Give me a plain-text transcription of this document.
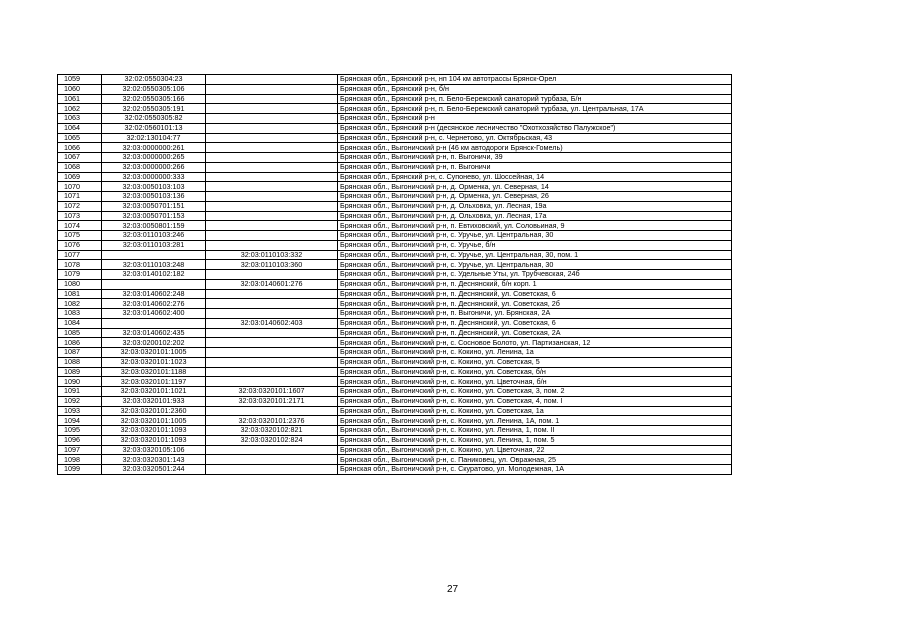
1059	32:02:0550304:23		Брянская обл., Брянский р-н, нп 104 км автотрассы Брянск-Орел
1060	32:02:0550305:106		Брянская обл., Брянский р-н, б/н
1061	32:02:0550305:166		Брянская обл., Брянский р-н, п. Бело-Бережский санаторий турбаза, Б/н
1062	32:02:0550305:191		Брянская обл., Брянский р-н, п. Бело-Бережский санаторий турбаза, ул. Центральная, 17А
1063	32:02:0550305:82		Брянская обл., Брянский р-н
1064	32:02:0560101:13		Брянская обл., Брянский р-н (десянское лесничество "Охотхозяйство Палужское")
1065	32:02:130104:77		Брянская обл., Брянский р-н, с. Чернетово, ул. Октябрьская, 43
1066	32:03:0000000:261		Брянская обл., Выгоничский р-н (46 км автодороги Брянск-Гомель)
1067	32:03:0000000:265		Брянская обл., Выгоничский р-н, п. Выгоничи, 39
1068	32:03:0000000:266		Брянская обл., Выгоничский р-н, п. Выгоничи
1069	32:03:0000000:333		Брянская обл., Брянский р-н, с. Супонево, ул. Шоссейная, 14
1070	32:03:0050103:103		Брянская обл., Выгоничский р-н, д. Орменка, ул. Северная, 14
1071	32:03:0050103:136		Брянская обл., Выгоничский р-н, д. Орменка, ул. Северная, 26
1072	32:03:0050701:151		Брянская обл., Выгоничский р-н, д. Ольховка, ул. Лесная, 19а
1073	32:03:0050701:153		Брянская обл., Выгоничский р-н, д. Ольховка, ул. Лесная, 17а
1074	32:03:0050801:159		Брянская обл., Выгоничский р-н, п. Евтиховский, ул. Соловьиная, 9
1075	32:03:0110103:246		Брянская обл., Выгоничский р-н, с. Уручье, ул. Центральная, 30
1076	32:03:0110103:281		Брянская обл., Выгоничский р-н, с. Уручье, б/н
1077		32:03:0110103:332	Брянская обл., Выгоничский р-н, с. Уручье, ул. Центральная, 30, пом. 1
1078	32:03:0110103:248	32:03:0110103:360	Брянская обл., Выгоничский р-н, с. Уручье, ул. Центральная, 30
1079	32:03:0140102:182		Брянская обл., Выгоничский р-н, с. Удельные Уты, ул. Трубчевская, 24б
1080		32:03:0140601:276	Брянская обл., Выгоничский р-н, п. Деснянский, б/н корп. 1
1081	32:03:0140602:248		Брянская обл., Выгоничский р-н, п. Деснянский, ул. Советская, 6
1082	32:03:0140602:276		Брянская обл., Выгоничский р-н, п. Деснянский, ул. Советская, 2б
1083	32:03:0140602:400		Брянская обл., Выгоничский р-н, п. Выгоничи, ул. Брянская, 2А
1084		32:03:0140602:403	Брянская обл., Выгоничский р-н, п. Деснянский, ул. Советская, 6
1085	32:03:0140602:435		Брянская обл., Выгоничский р-н, п. Деснянский, ул. Советская, 2А
1086	32:03:0200102:202		Брянская обл., Выгоничский р-н, с. Сосновое Болото, ул. Партизанская, 12
1087	32:03:0320101:1005		Брянская обл., Выгоничский р-н, с. Кокино, ул. Ленина, 1а
1088	32:03:0320101:1023		Брянская обл., Выгоничский р-н, с. Кокино, ул. Советская, 5
1089	32:03:0320101:1188		Брянская обл., Выгоничский р-н, с. Кокино, ул. Советская, б/н
1090	32:03:0320101:1197		Брянская обл., Выгоничский р-н, с. Кокино, ул. Цветочная, б/н
1091	32:03:0320101:1021	32:03:0320101:1607	Брянская обл., Выгоничский р-н, с. Кокино, ул. Советская, 3, пом. 2
1092	32:03:0320101:933	32:03:0320101:2171	Брянская обл., Выгоничский р-н, с. Кокино, ул. Советская, 4, пом. I
1093	32:03:0320101:2360		Брянская обл., Выгоничский р-н, с. Кокино, ул. Советская, 1а
1094	32:03:0320101:1005	32:03:0320101:2376	Брянская обл., Выгоничский р-н, с. Кокино, ул. Ленина, 1А, пом. 1
1095	32:03:0320101:1093	32:03:0320102:821	Брянская обл., Выгоничский р-н, с. Кокино, ул. Ленина, 1, пом. II
1096	32:03:0320101:1093	32:03:0320102:824	Брянская обл., Выгоничский р-н, с. Кокино, ул. Ленина, 1, пом. 5
1097	32:03:0320105:106		Брянская обл., Выгоничский р-н, с. Кокино, ул. Цветочная, 22
1098	32:03:0320301:143		Брянская обл., Выгоничский р-н, с. Паниковец, ул. Овражная, 25
1099	32:03:0320501:244		Брянская обл., Выгоничский р-н, с. Скуратово, ул. Молодежная, 1А
27
